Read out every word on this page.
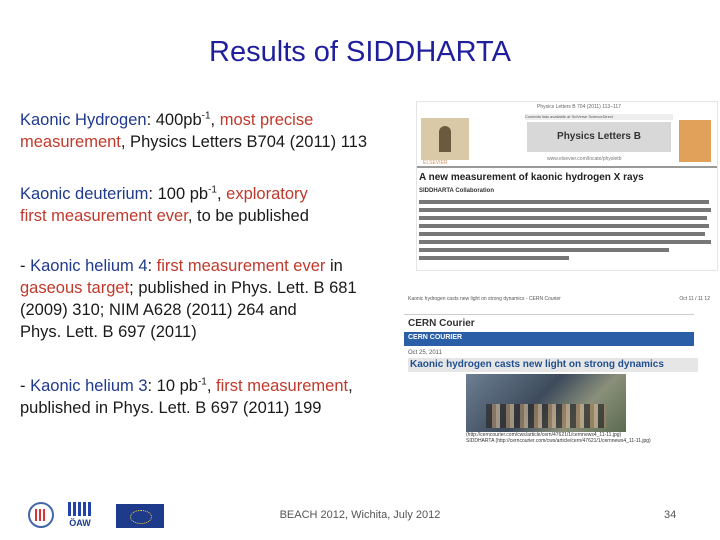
Results of SIDDHARTA
Kaonic Hydrogen: $400pb^{-1}$, most precise
measurement, Physics Letters B704 (2011) 113
Kaonic deuterium: 100 $pb^{-1}$, exploratory
first measurement ever, to be published
- Kaonic helium 4: first measurement ever in
gaseous target; published in Phys. Lett. B 681
(2009) 310; NIM A628 (2011) 264 and
Phys. Lett. B 697 (2011)
- Kaonic helium 3: 10 $pb^{-1}$, first measurement,
published in Phys. Lett. B 697 (2011) 199
Physics Letters B 704 (2011) 113–117
Contents lists available at SciVerse ScienceDirect
Physics Letters B
www.elsevier.com/locate/physletb
ELSEVIER
A new measurement of kaonic hydrogen X rays
SIDDHARTA Collaboration
Kaonic hydrogen casts new light on strong dynamics - CERN Courier	Oct 11 / 11 12
CERN Courier
CERN COURIER
Oct 25, 2011
Kaonic hydrogen casts new light on strong dynamics
(http://cerncourier.com/cws/article/cern/47621/1/cernnews4_11-11.jpg)
SIDDHARTA (http://cerncourier.com/cws/article/cern/47621/1/cernnews4_11-11.jpg)
ÖAW
BEACH 2012, Wichita, July 2012	34
